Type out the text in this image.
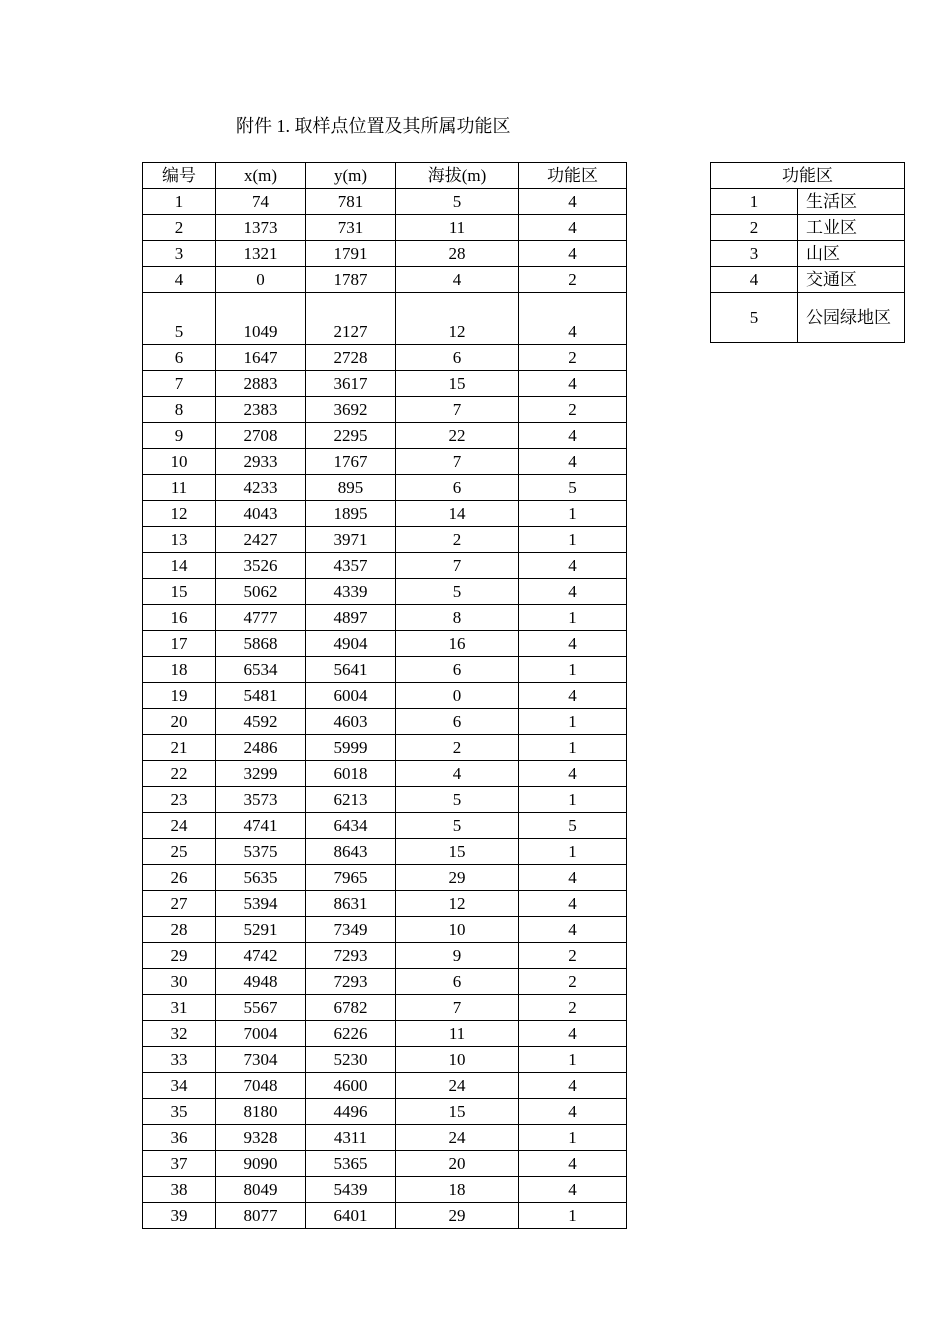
附件 1. 取样点位置及其所属功能区
编号	x(m)	y(m)	海拔(m)	功能区
1	74	781	5	4
2	1373	731	11	4
3	1321	1791	28	4
4	0	1787	4	2
5	1049	2127	12	4
6	1647	2728	6	2
7	2883	3617	15	4
8	2383	3692	7	2
9	2708	2295	22	4
10	2933	1767	7	4
11	4233	895	6	5
12	4043	1895	14	1
13	2427	3971	2	1
14	3526	4357	7	4
15	5062	4339	5	4
16	4777	4897	8	1
17	5868	4904	16	4
18	6534	5641	6	1
19	5481	6004	0	4
20	4592	4603	6	1
21	2486	5999	2	1
22	3299	6018	4	4
23	3573	6213	5	1
24	4741	6434	5	5
25	5375	8643	15	1
26	5635	7965	29	4
27	5394	8631	12	4
28	5291	7349	10	4
29	4742	7293	9	2
30	4948	7293	6	2
31	5567	6782	7	2
32	7004	6226	11	4
33	7304	5230	10	1
34	7048	4600	24	4
35	8180	4496	15	4
36	9328	4311	24	1
37	9090	5365	20	4
38	8049	5439	18	4
39	8077	6401	29	1
功能区	
1	生活区
2	工业区
3	山区
4	交通区
5	公园绿地区
